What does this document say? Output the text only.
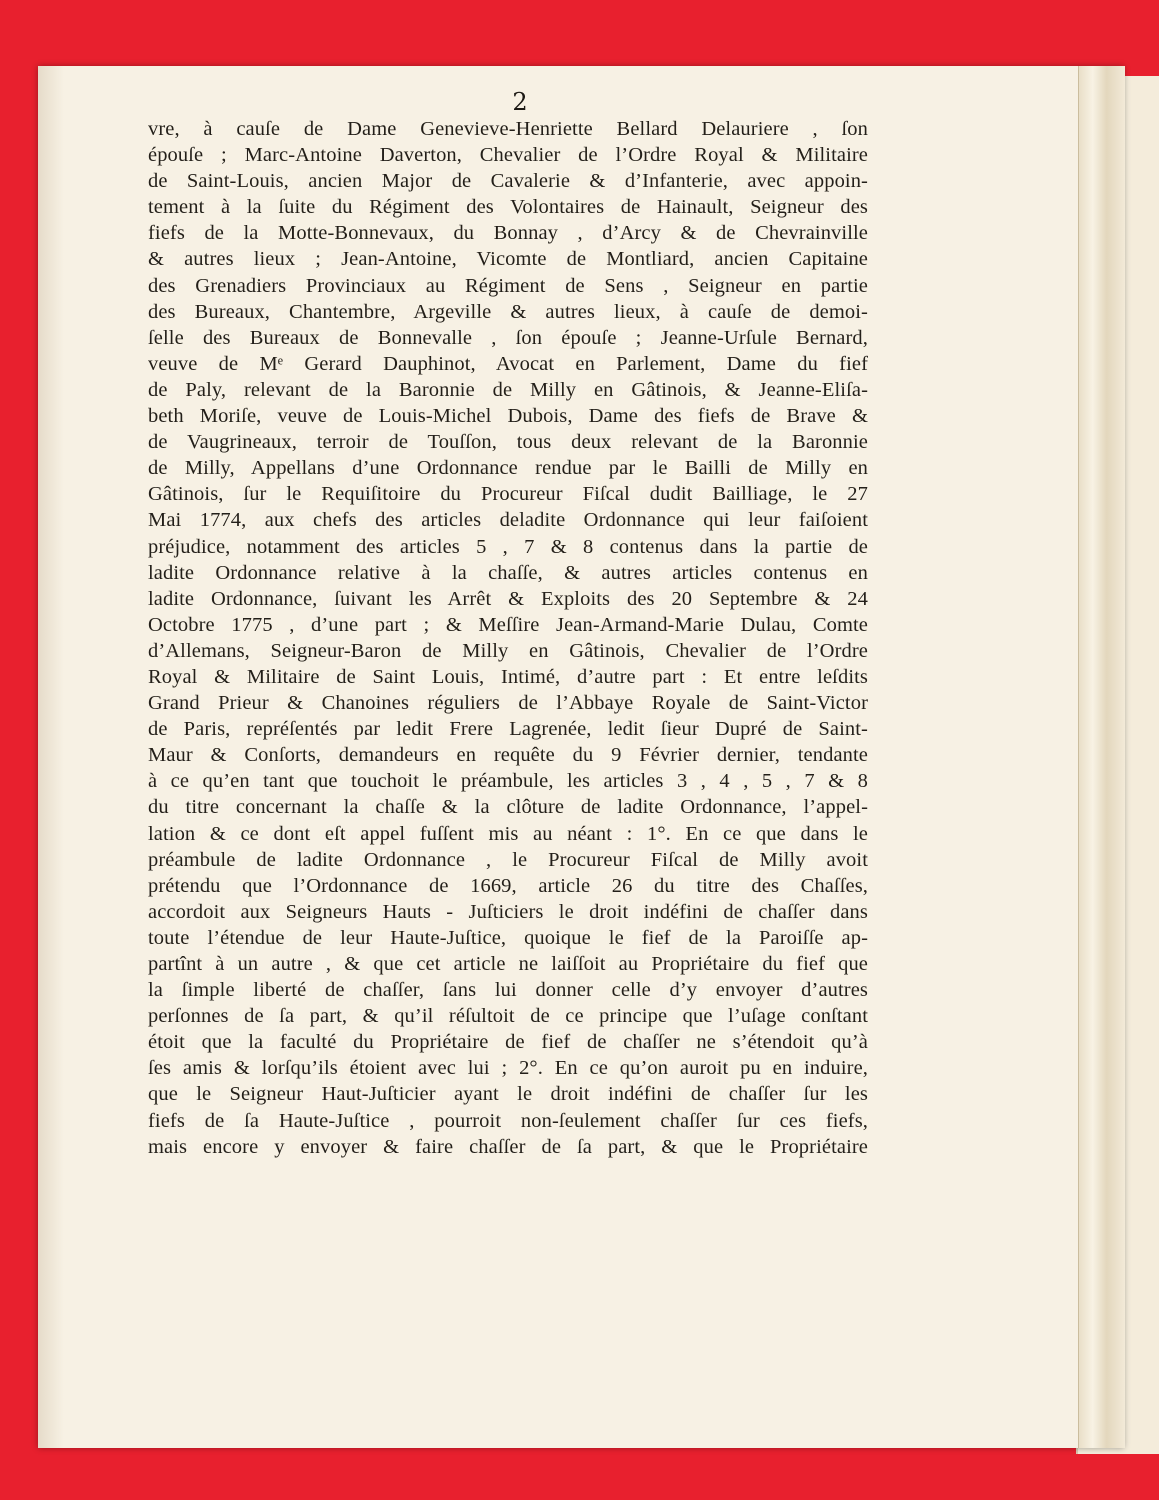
2
vre, à cauſe de Dame Genevieve-Henriette Bellard Delauriere , ſon
épouſe ; Marc-Antoine Daverton, Chevalier de l’Ordre Royal & Militaire
de Saint-Louis, ancien Major de Cavalerie & d’Infanterie, avec appoin-
tement à la ſuite du Régiment des Volontaires de Hainault, Seigneur des
fiefs de la Motte-Bonnevaux, du Bonnay , d’Arcy & de Chevrainville
& autres lieux ; Jean-Antoine, Vicomte de Montliard, ancien Capitaine
des Grenadiers Provinciaux au Régiment de Sens , Seigneur en partie
des Bureaux, Chantembre, Argeville & autres lieux, à cauſe de demoi-
ſelle des Bureaux de Bonnevalle , ſon épouſe ; Jeanne-Urſule Bernard,
veuve de Mᵉ Gerard Dauphinot, Avocat en Parlement, Dame du fief
de Paly, relevant de la Baronnie de Milly en Gâtinois, & Jeanne-Eliſa-
beth Moriſe, veuve de Louis-Michel Dubois, Dame des fiefs de Brave &
de Vaugrineaux, terroir de Touſſon, tous deux relevant de la Baronnie
de Milly, Appellans d’une Ordonnance rendue par le Bailli de Milly en
Gâtinois, ſur le Requiſitoire du Procureur Fiſcal dudit Bailliage, le 27
Mai 1774, aux chefs des articles deladite Ordonnance qui leur faiſoient
préjudice, notamment des articles 5 , 7 & 8 contenus dans la partie de
ladite Ordonnance relative à la chaſſe, & autres articles contenus en
ladite Ordonnance, ſuivant les Arrêt & Exploits des 20 Septembre & 24
Octobre 1775 , d’une part ; & Meſſire Jean-Armand-Marie Dulau, Comte
d’Allemans, Seigneur-Baron de Milly en Gâtinois, Chevalier de l’Ordre
Royal & Militaire de Saint Louis, Intimé, d’autre part : Et entre leſdits
Grand Prieur & Chanoines réguliers de l’Abbaye Royale de Saint-Victor
de Paris, repréſentés par ledit Frere Lagrenée, ledit ſieur Dupré de Saint-
Maur & Conſorts, demandeurs en requête du 9 Février dernier, tendante
à ce qu’en tant que touchoit le préambule, les articles 3 , 4 , 5 , 7 & 8
du titre concernant la chaſſe & la clôture de ladite Ordonnance, l’appel-
lation & ce dont eſt appel fuſſent mis au néant : 1°. En ce que dans le
préambule de ladite Ordonnance , le Procureur Fiſcal de Milly avoit
prétendu que l’Ordonnance de 1669, article 26 du titre des Chaſſes,
accordoit aux Seigneurs Hauts - Juſticiers le droit indéfini de chaſſer dans
toute l’étendue de leur Haute-Juſtice, quoique le fief de la Paroiſſe ap-
partînt à un autre , & que cet article ne laiſſoit au Propriétaire du fief que
la ſimple liberté de chaſſer, ſans lui donner celle d’y envoyer d’autres
perſonnes de ſa part, & qu’il réſultoit de ce principe que l’uſage conſtant
étoit que la faculté du Propriétaire de fief de chaſſer ne s’étendoit qu’à
ſes amis & lorſqu’ils étoient avec lui ; 2°. En ce qu’on auroit pu en induire,
que le Seigneur Haut-Juſticier ayant le droit indéfini de chaſſer ſur les
fiefs de ſa Haute-Juſtice , pourroit non-ſeulement chaſſer ſur ces fiefs,
mais encore y envoyer & faire chaſſer de ſa part, & que le Propriétaire
